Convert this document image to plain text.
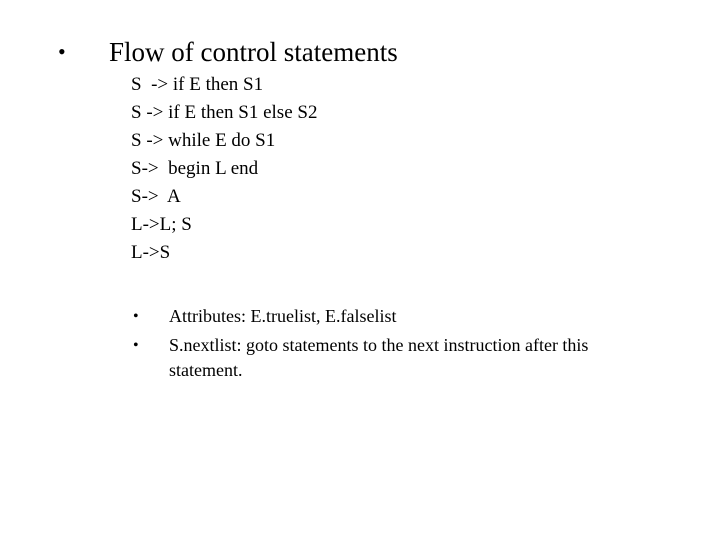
• Flow of control statements
S  -> if E then S1
S -> if E then S1 else S2
S -> while E do S1
S->  begin L end
S->  A
L->L; S
L->S
• Attributes: E.truelist, E.falselist
• S.nextlist: goto statements to the next instruction after this statement.
